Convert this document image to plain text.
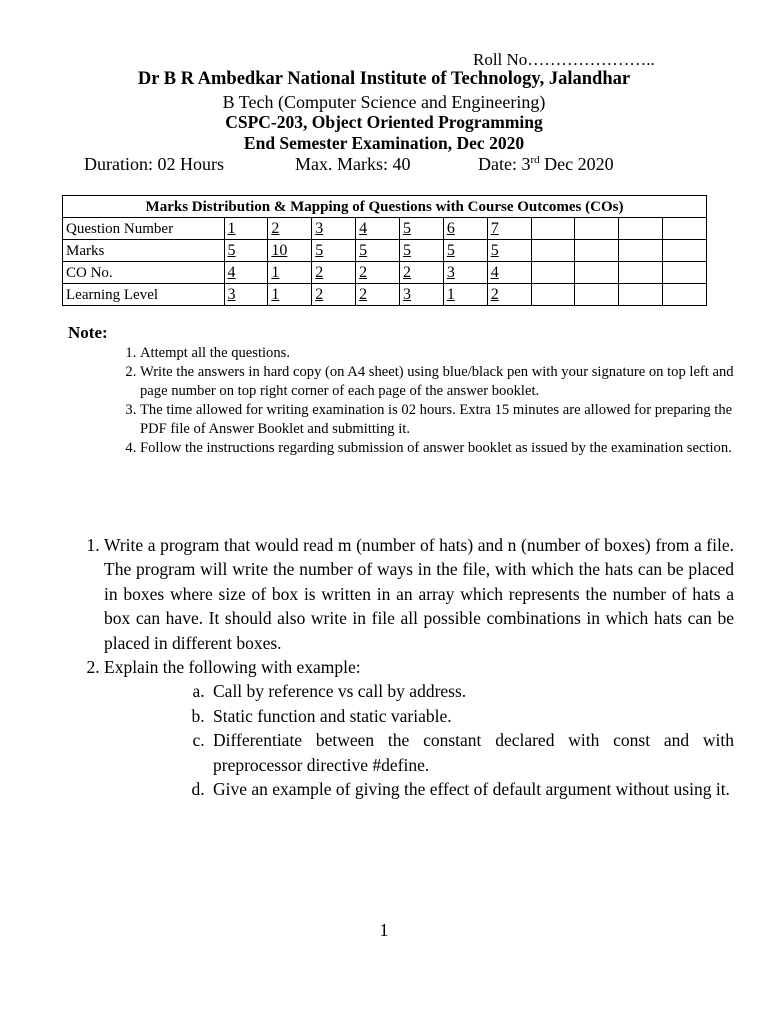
Roll No…………………..
Dr B R Ambedkar National Institute of Technology, Jalandhar
B Tech (Computer Science and Engineering)
CSPC-203, Object Oriented Programming
End Semester Examination, Dec 2020
Duration: 02 Hours	Max. Marks: 40	Date: 3rd Dec 2020
Marks Distribution & Mapping of Questions with Course Outcomes (COs)											
Question Number	1	2	3	4	5	6	7				
Marks	5	10	5	5	5	5	5				
CO No.	4	1	2	2	2	3	4				
Learning Level	3	1	2	2	3	1	2				
Note:
1. Attempt all the questions.
2. Write the answers in hard copy (on A4 sheet) using blue/black pen with your signature on top left and page number on top right corner of each page of the answer booklet.
3. The time allowed for writing examination is 02 hours. Extra 15 minutes are allowed for preparing the PDF file of Answer Booklet and submitting it.
4. Follow the instructions regarding submission of answer booklet as issued by the examination section.
1. Write a program that would read m (number of hats) and n (number of boxes) from a file. The program will write the number of ways in the file, with which the hats can be placed in boxes where size of box is written in an array which represents the number of hats a box can have. It should also write in file all possible combinations in which hats can be placed in different boxes.
2. Explain the following with example:
a. Call by reference vs call by address.
b. Static function and static variable.
c. Differentiate between the constant declared with const and with preprocessor directive #define.
d. Give an example of giving the effect of default argument without using it.
1
